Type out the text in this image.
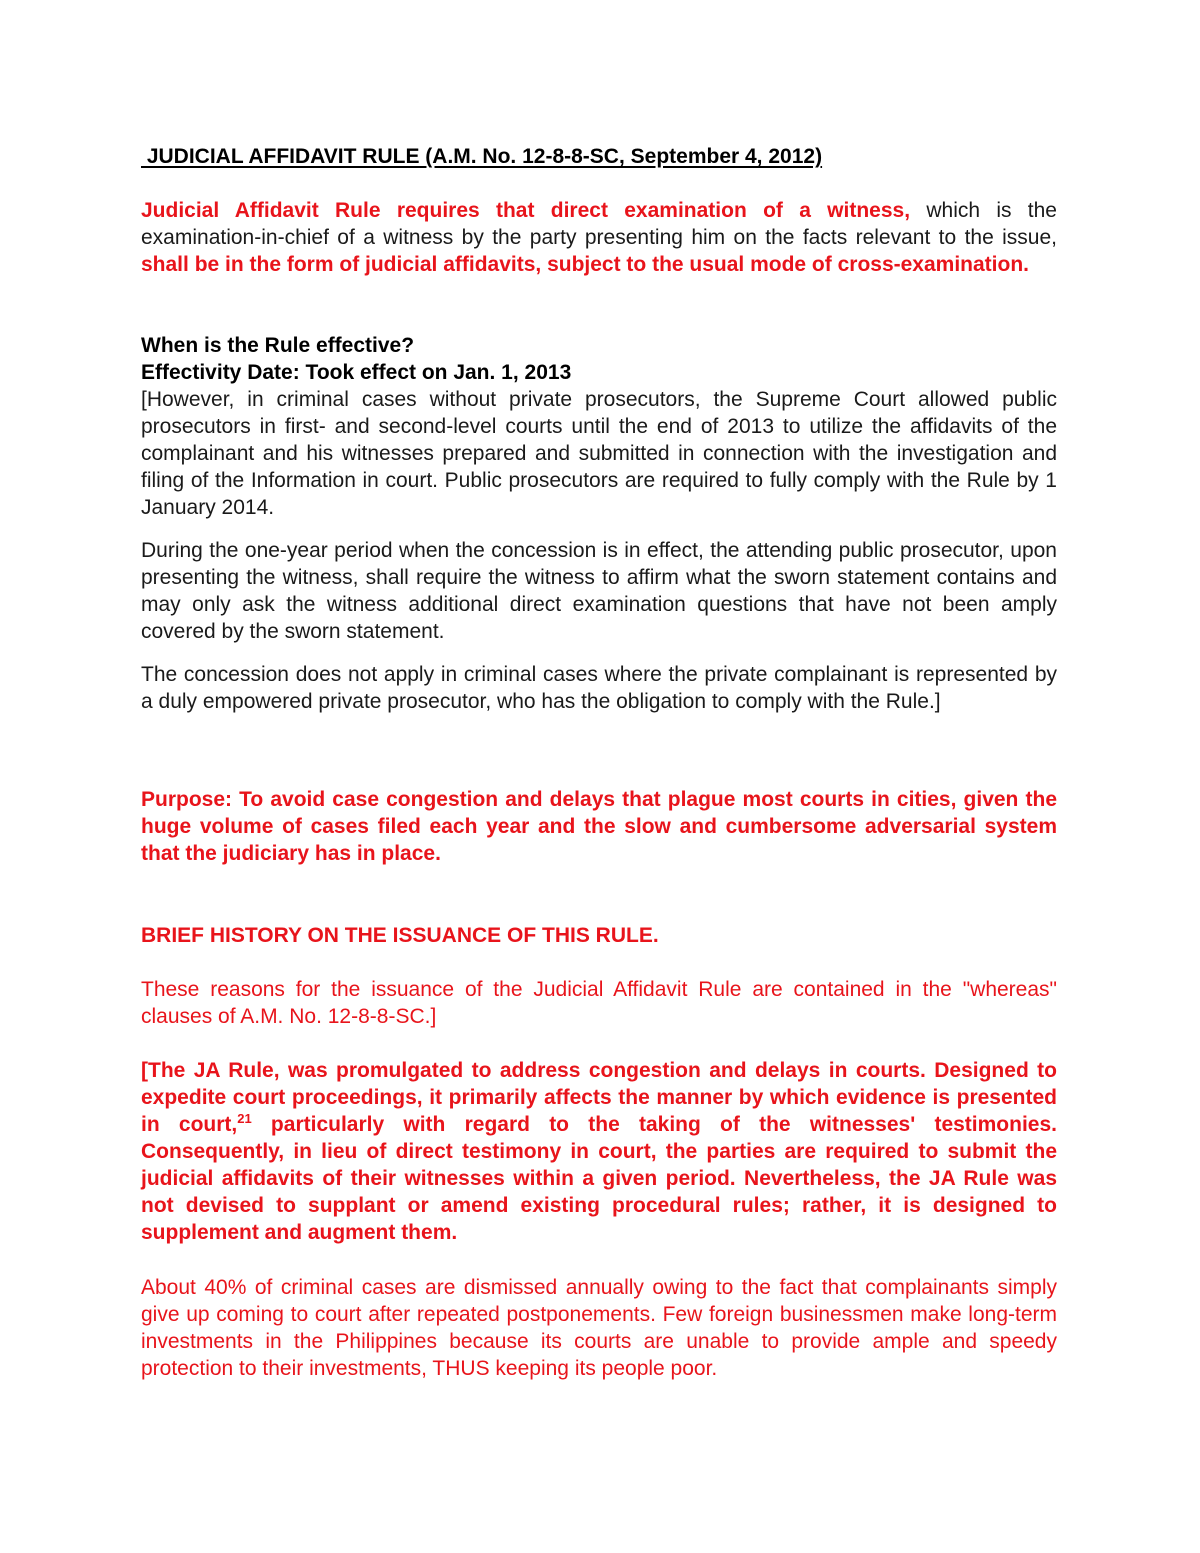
JUDICIAL AFFIDAVIT RULE (A.M. No. 12-8-8-SC, September 4, 2012)

Judicial Affidavit Rule requires that direct examination of a witness, which is the examination-in-chief of a witness by the party presenting him on the facts relevant to the issue, shall be in the form of judicial affidavits, subject to the usual mode of cross-examination.

When is the Rule effective?

Effectivity Date: Took effect on Jan. 1, 2013

[However, in criminal cases without private prosecutors, the Supreme Court allowed public prosecutors in first- and second-level courts until the end of 2013 to utilize the affidavits of the complainant and his witnesses prepared and submitted in connection with the investigation and filing of the Information in court. Public prosecutors are required to fully comply with the Rule by 1 January 2014.

During the one-year period when the concession is in effect, the attending public prosecutor, upon presenting the witness, shall require the witness to affirm what the sworn statement contains and may only ask the witness additional direct examination questions that have not been amply covered by the sworn statement.

The concession does not apply in criminal cases where the private complainant is represented by a duly empowered private prosecutor, who has the obligation to comply with the Rule.]

Purpose: To avoid case congestion and delays that plague most courts in cities, given the huge volume of cases filed each year and the slow and cumbersome adversarial system that the judiciary has in place.

BRIEF HISTORY ON THE ISSUANCE OF THIS RULE.

These reasons for the issuance of the Judicial Affidavit Rule are contained in the "whereas" clauses of A.M. No. 12-8-8-SC.]

[The JA Rule, was promulgated to address congestion and delays in courts. Designed to expedite court proceedings, it primarily affects the manner by which evidence is presented in court,$^{21}$ particularly with regard to the taking of the witnesses' testimonies. Consequently, in lieu of direct testimony in court, the parties are required to submit the judicial affidavits of their witnesses within a given period. Nevertheless, the JA Rule was not devised to supplant or amend existing procedural rules; rather, it is designed to supplement and augment them.

About 40% of criminal cases are dismissed annually owing to the fact that complainants simply give up coming to court after repeated postponements. Few foreign businessmen make long-term investments in the Philippines because its courts are unable to provide ample and speedy protection to their investments, THUS keeping its people poor.
